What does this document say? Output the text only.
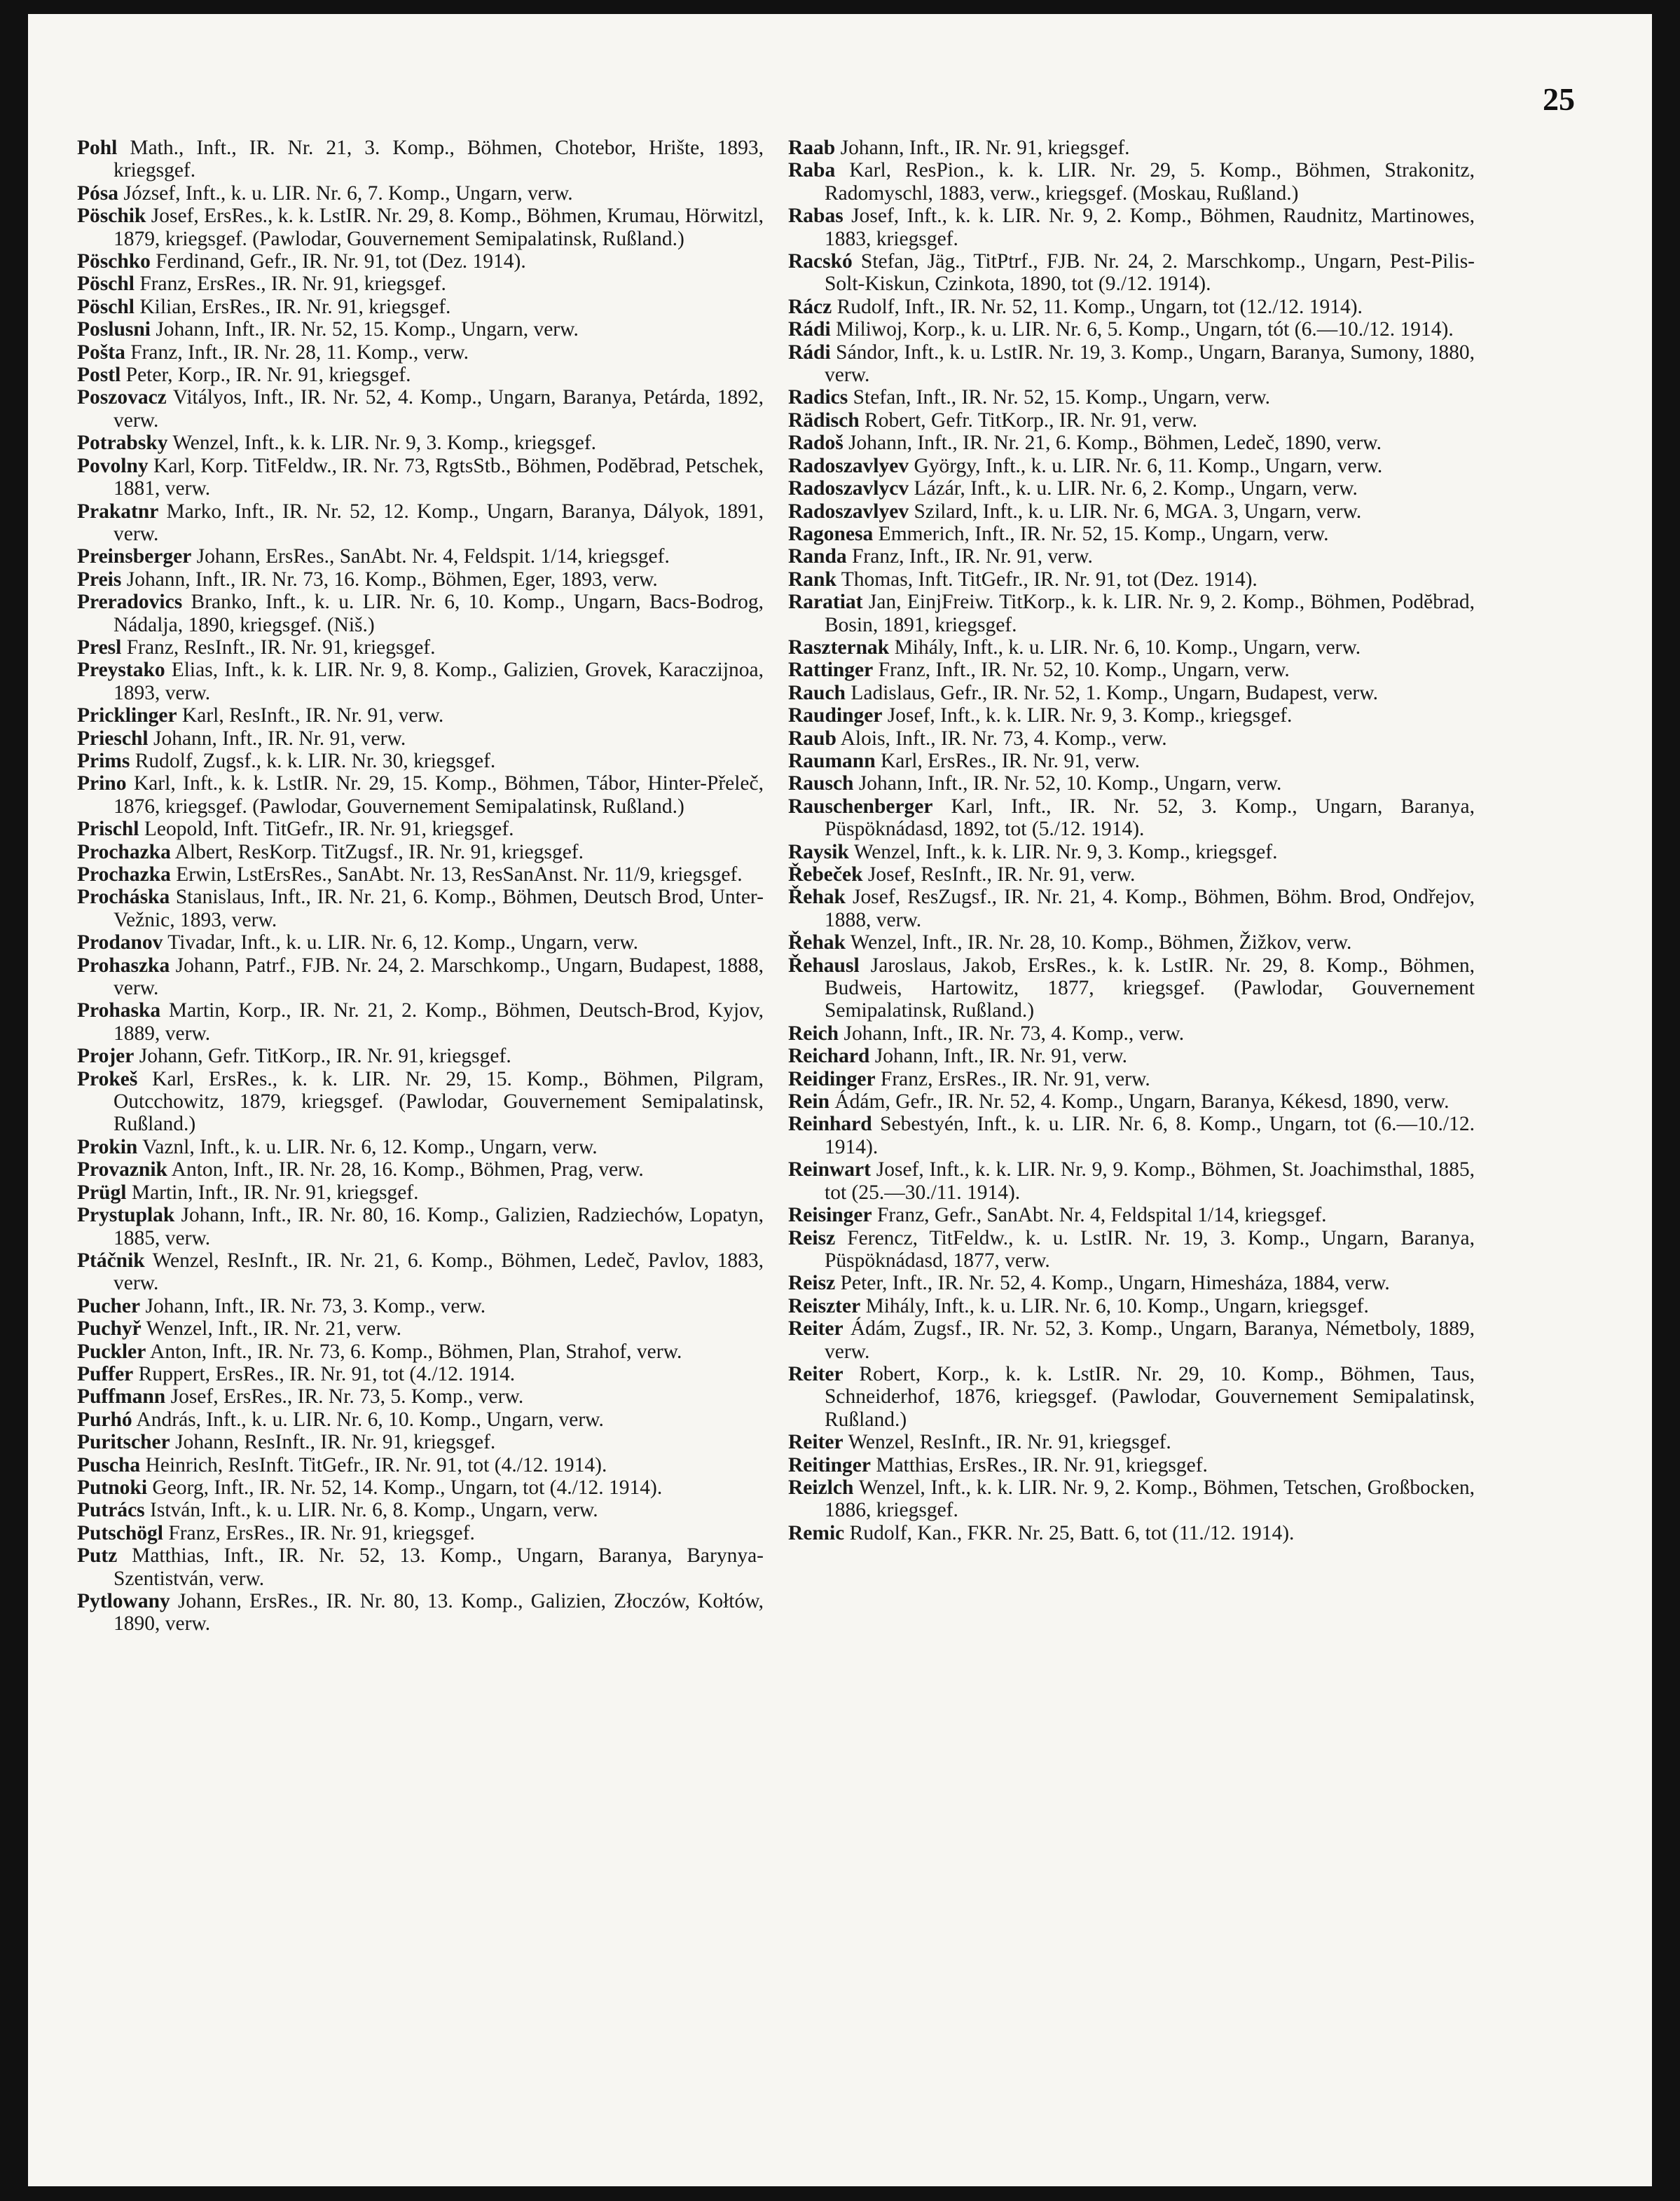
25

Pohl Math., Inft., IR. Nr. 21, 3. Komp., Böhmen, Chotebor, Hrište, 1893, kriegsgef.

Pósa József, Inft., k. u. LIR. Nr. 6, 7. Komp., Ungarn, verw.

Pöschik Josef, ErsRes., k. k. LstIR. Nr. 29, 8. Komp., Böhmen, Krumau, Hörwitzl, 1879, kriegsgef. (Pawlodar, Gouvernement Semipalatinsk, Rußland.)

Pöschko Ferdinand, Gefr., IR. Nr. 91, tot (Dez. 1914).

Pöschl Franz, ErsRes., IR. Nr. 91, kriegsgef.

Pöschl Kilian, ErsRes., IR. Nr. 91, kriegsgef.

Poslusni Johann, Inft., IR. Nr. 52, 15. Komp., Ungarn, verw.

Pošta Franz, Inft., IR. Nr. 28, 11. Komp., verw.

Postl Peter, Korp., IR. Nr. 91, kriegsgef.

Poszovacz Vitályos, Inft., IR. Nr. 52, 4. Komp., Ungarn, Baranya, Petárda, 1892, verw.

Potrabsky Wenzel, Inft., k. k. LIR. Nr. 9, 3. Komp., kriegsgef.

Povolny Karl, Korp. TitFeldw., IR. Nr. 73, RgtsStb., Böhmen, Podĕbrad, Petschek, 1881, verw.

Prakatnr Marko, Inft., IR. Nr. 52, 12. Komp., Ungarn, Baranya, Dályok, 1891, verw.

Preinsberger Johann, ErsRes., SanAbt. Nr. 4, Feldspit. 1/14, kriegsgef.

Preis Johann, Inft., IR. Nr. 73, 16. Komp., Böhmen, Eger, 1893, verw.

Preradovics Branko, Inft., k. u. LIR. Nr. 6, 10. Komp., Ungarn, Bacs-Bodrog, Nádalja, 1890, kriegsgef. (Niš.)

Presl Franz, ResInft., IR. Nr. 91, kriegsgef.

Preystako Elias, Inft., k. k. LIR. Nr. 9, 8. Komp., Galizien, Grovek, Karaczijnoa, 1893, verw.

Pricklinger Karl, ResInft., IR. Nr. 91, verw.

Prieschl Johann, Inft., IR. Nr. 91, verw.

Prims Rudolf, Zugsf., k. k. LIR. Nr. 30, kriegsgef.

Prino Karl, Inft., k. k. LstIR. Nr. 29, 15. Komp., Böhmen, Tábor, Hinter-Přeleč, 1876, kriegsgef. (Pawlodar, Gouvernement Semipalatinsk, Rußland.)

Prischl Leopold, Inft. TitGefr., IR. Nr. 91, kriegsgef.

Prochazka Albert, ResKorp. TitZugsf., IR. Nr. 91, kriegsgef.

Prochazka Erwin, LstErsRes., SanAbt. Nr. 13, ResSanAnst. Nr. 11/9, kriegsgef.

Procháska Stanislaus, Inft., IR. Nr. 21, 6. Komp., Böhmen, Deutsch Brod, Unter-Vežnic, 1893, verw.

Prodanov Tivadar, Inft., k. u. LIR. Nr. 6, 12. Komp., Ungarn, verw.

Prohaszka Johann, Patrf., FJB. Nr. 24, 2. Marschkomp., Ungarn, Budapest, 1888, verw.

Prohaska Martin, Korp., IR. Nr. 21, 2. Komp., Böhmen, Deutsch-Brod, Kyjov, 1889, verw.

Projer Johann, Gefr. TitKorp., IR. Nr. 91, kriegsgef.

Prokeš Karl, ErsRes., k. k. LIR. Nr. 29, 15. Komp., Böhmen, Pilgram, Outcchowitz, 1879, kriegsgef. (Pawlodar, Gouvernement Semipalatinsk, Rußland.)

Prokin Vaznl, Inft., k. u. LIR. Nr. 6, 12. Komp., Ungarn, verw.

Provaznik Anton, Inft., IR. Nr. 28, 16. Komp., Böhmen, Prag, verw.

Prügl Martin, Inft., IR. Nr. 91, kriegsgef.

Prystuplak Johann, Inft., IR. Nr. 80, 16. Komp., Galizien, Radziechów, Lopatyn, 1885, verw.

Ptáčnik Wenzel, ResInft., IR. Nr. 21, 6. Komp., Böhmen, Ledeč, Pavlov, 1883, verw.

Pucher Johann, Inft., IR. Nr. 73, 3. Komp., verw.

Puchyř Wenzel, Inft., IR. Nr. 21, verw.

Puckler Anton, Inft., IR. Nr. 73, 6. Komp., Böhmen, Plan, Strahof, verw.

Puffer Ruppert, ErsRes., IR. Nr. 91, tot (4./12. 1914.

Puffmann Josef, ErsRes., IR. Nr. 73, 5. Komp., verw.

Purhó András, Inft., k. u. LIR. Nr. 6, 10. Komp., Ungarn, verw.

Puritscher Johann, ResInft., IR. Nr. 91, kriegsgef.

Puscha Heinrich, ResInft. TitGefr., IR. Nr. 91, tot (4./12. 1914).

Putnoki Georg, Inft., IR. Nr. 52, 14. Komp., Ungarn, tot (4./12. 1914).

Putrács István, Inft., k. u. LIR. Nr. 6, 8. Komp., Ungarn, verw.

Putschögl Franz, ErsRes., IR. Nr. 91, kriegsgef.

Putz Matthias, Inft., IR. Nr. 52, 13. Komp., Ungarn, Baranya, Barynya-Szentistván, verw.

Pytlowany Johann, ErsRes., IR. Nr. 80, 13. Komp., Galizien, Złoczów, Kołtów, 1890, verw.

Raab Johann, Inft., IR. Nr. 91, kriegsgef.

Raba Karl, ResPion., k. k. LIR. Nr. 29, 5. Komp., Böhmen, Strakonitz, Radomyschl, 1883, verw., kriegsgef. (Moskau, Rußland.)

Rabas Josef, Inft., k. k. LIR. Nr. 9, 2. Komp., Böhmen, Raudnitz, Martinowes, 1883, kriegsgef.

Racskó Stefan, Jäg., TitPtrf., FJB. Nr. 24, 2. Marschkomp., Ungarn, Pest-Pilis-Solt-Kiskun, Czinkota, 1890, tot (9./12. 1914).

Rácz Rudolf, Inft., IR. Nr. 52, 11. Komp., Ungarn, tot (12./12. 1914).

Rádi Miliwoj, Korp., k. u. LIR. Nr. 6, 5. Komp., Ungarn, tót (6.—10./12. 1914).

Rádi Sándor, Inft., k. u. LstIR. Nr. 19, 3. Komp., Ungarn, Baranya, Sumony, 1880, verw.

Radics Stefan, Inft., IR. Nr. 52, 15. Komp., Ungarn, verw.

Rädisch Robert, Gefr. TitKorp., IR. Nr. 91, verw.

Radoš Johann, Inft., IR. Nr. 21, 6. Komp., Böhmen, Ledeč, 1890, verw.

Radoszavlyev György, Inft., k. u. LIR. Nr. 6, 11. Komp., Ungarn, verw.

Radoszavlycv Lázár, Inft., k. u. LIR. Nr. 6, 2. Komp., Ungarn, verw.

Radoszavlyev Szilard, Inft., k. u. LIR. Nr. 6, MGA. 3, Ungarn, verw.

Ragonesa Emmerich, Inft., IR. Nr. 52, 15. Komp., Ungarn, verw.

Randa Franz, Inft., IR. Nr. 91, verw.

Rank Thomas, Inft. TitGefr., IR. Nr. 91, tot (Dez. 1914).

Raratiat Jan, EinjFreiw. TitKorp., k. k. LIR. Nr. 9, 2. Komp., Böhmen, Podĕbrad, Bosin, 1891, kriegsgef.

Raszternak Mihály, Inft., k. u. LIR. Nr. 6, 10. Komp., Ungarn, verw.

Rattinger Franz, Inft., IR. Nr. 52, 10. Komp., Ungarn, verw.

Rauch Ladislaus, Gefr., IR. Nr. 52, 1. Komp., Ungarn, Budapest, verw.

Raudinger Josef, Inft., k. k. LIR. Nr. 9, 3. Komp., kriegsgef.

Raub Alois, Inft., IR. Nr. 73, 4. Komp., verw.

Raumann Karl, ErsRes., IR. Nr. 91, verw.

Rausch Johann, Inft., IR. Nr. 52, 10. Komp., Ungarn, verw.

Rauschenberger Karl, Inft., IR. Nr. 52, 3. Komp., Ungarn, Baranya, Püspöknádasd, 1892, tot (5./12. 1914).

Raysik Wenzel, Inft., k. k. LIR. Nr. 9, 3. Komp., kriegsgef.

Řebeček Josef, ResInft., IR. Nr. 91, verw.

Řehak Josef, ResZugsf., IR. Nr. 21, 4. Komp., Böhmen, Böhm. Brod, Ondřejov, 1888, verw.

Řehak Wenzel, Inft., IR. Nr. 28, 10. Komp., Böhmen, Žižkov, verw.

Řehausl Jaroslaus, Jakob, ErsRes., k. k. LstIR. Nr. 29, 8. Komp., Böhmen, Budweis, Hartowitz, 1877, kriegsgef. (Pawlodar, Gouvernement Semipalatinsk, Rußland.)

Reich Johann, Inft., IR. Nr. 73, 4. Komp., verw.

Reichard Johann, Inft., IR. Nr. 91, verw.

Reidinger Franz, ErsRes., IR. Nr. 91, verw.

Rein Ádám, Gefr., IR. Nr. 52, 4. Komp., Ungarn, Baranya, Kékesd, 1890, verw.

Reinhard Sebestyén, Inft., k. u. LIR. Nr. 6, 8. Komp., Ungarn, tot (6.—10./12. 1914).

Reinwart Josef, Inft., k. k. LIR. Nr. 9, 9. Komp., Böhmen, St. Joachimsthal, 1885, tot (25.—30./11. 1914).

Reisinger Franz, Gefr., SanAbt. Nr. 4, Feldspital 1/14, kriegsgef.

Reisz Ferencz, TitFeldw., k. u. LstIR. Nr. 19, 3. Komp., Ungarn, Baranya, Püspöknádasd, 1877, verw.

Reisz Peter, Inft., IR. Nr. 52, 4. Komp., Ungarn, Himesháza, 1884, verw.

Reiszter Mihály, Inft., k. u. LIR. Nr. 6, 10. Komp., Ungarn, kriegsgef.

Reiter Ádám, Zugsf., IR. Nr. 52, 3. Komp., Ungarn, Baranya, Németboly, 1889, verw.

Reiter Robert, Korp., k. k. LstIR. Nr. 29, 10. Komp., Böhmen, Taus, Schneiderhof, 1876, kriegsgef. (Pawlodar, Gouvernement Semipalatinsk, Rußland.)

Reiter Wenzel, ResInft., IR. Nr. 91, kriegsgef.

Reitinger Matthias, ErsRes., IR. Nr. 91, kriegsgef.

Reizlch Wenzel, Inft., k. k. LIR. Nr. 9, 2. Komp., Böhmen, Tetschen, Großbocken, 1886, kriegsgef.

Remic Rudolf, Kan., FKR. Nr. 25, Batt. 6, tot (11./12. 1914).
